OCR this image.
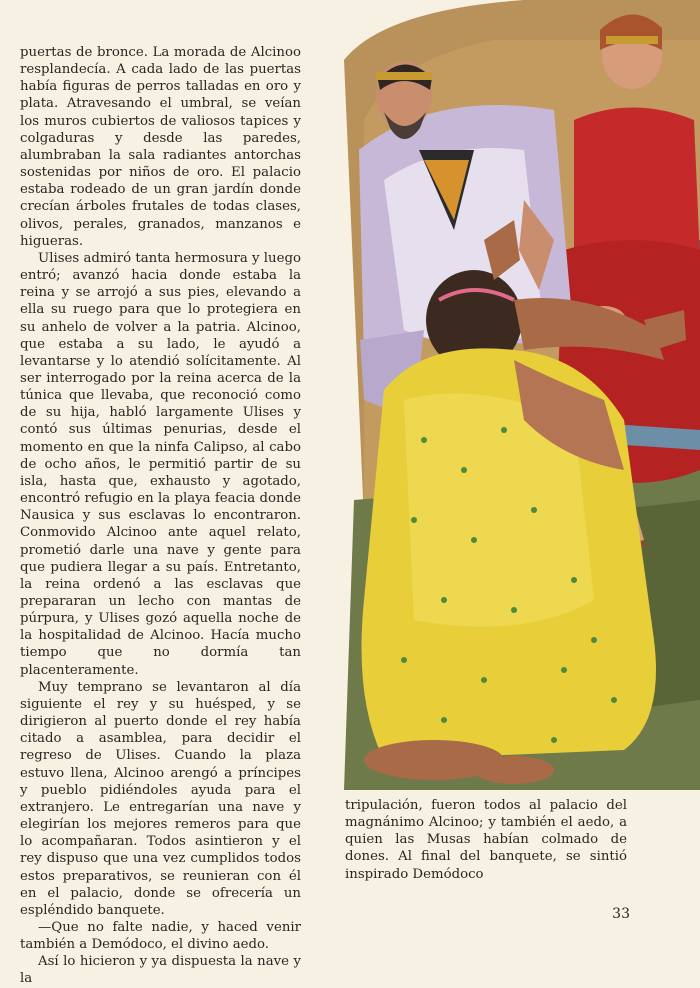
puertas de bronce. La morada de Alcinoo resplandecía. A cada lado de las puertas había figuras de perros talladas en oro y plata. Atravesando el umbral, se veían los muros cubiertos de valiosos tapices y colgaduras y desde las paredes, alumbraban la sala radiantes antorchas sostenidas por niños de oro. El palacio estaba rodeado de un gran jardín donde crecían árboles frutales de todas clases, olivos, perales, granados, manzanos e higueras.

Ulises admiró tanta hermosura y luego entró; avanzó hacia donde estaba la reina y se arrojó a sus pies, elevando a ella su ruego para que lo protegiera en su anhelo de volver a la patria. Alcinoo, que estaba a su lado, le ayudó a levantarse y lo atendió solícitamente. Al ser interrogado por la reina acerca de la túnica que llevaba, que reconoció como de su hija, habló largamente Ulises y contó sus últimas penurias, desde el momento en que la ninfa Calipso, al cabo de ocho años, le permitió partir de su isla, hasta que, exhausto y agotado, encontró refugio en la playa feacia donde Nausica y sus esclavas lo encontraron. Conmovido Alcinoo ante aquel relato, prometió darle una nave y gente para que pudiera llegar a su país. Entretanto, la reina ordenó a las esclavas que prepararan un lecho con mantas de púrpura, y Ulises gozó aquella noche de la hospitalidad de Alcinoo. Hacía mucho tiempo que no dormía tan placenteramente.

Muy temprano se levantaron al día siguiente el rey y su huésped, y se dirigieron al puerto donde el rey había citado a asamblea, para decidir el regreso de Ulises. Cuando la plaza estuvo llena, Alcinoo arengó a príncipes y pueblo pidiéndoles ayuda para el extranjero. Le entregarían una nave y elegirían los mejores remeros para que lo acompañaran. Todos asintieron y el rey dispuso que una vez cumplidos todos estos preparativos, se reunieran con él en el palacio, donde se ofrecería un espléndido banquete.

—Que no falte nadie, y haced venir también a Demódoco, el divino aedo.

Así lo hicieron y ya dispuesta la nave y la

tripulación, fueron todos al palacio del magnánimo Alcinoo; y también el aedo, a quien las Musas habían colmado de dones. Al final del banquete, se sintió inspirado Demódoco

33
